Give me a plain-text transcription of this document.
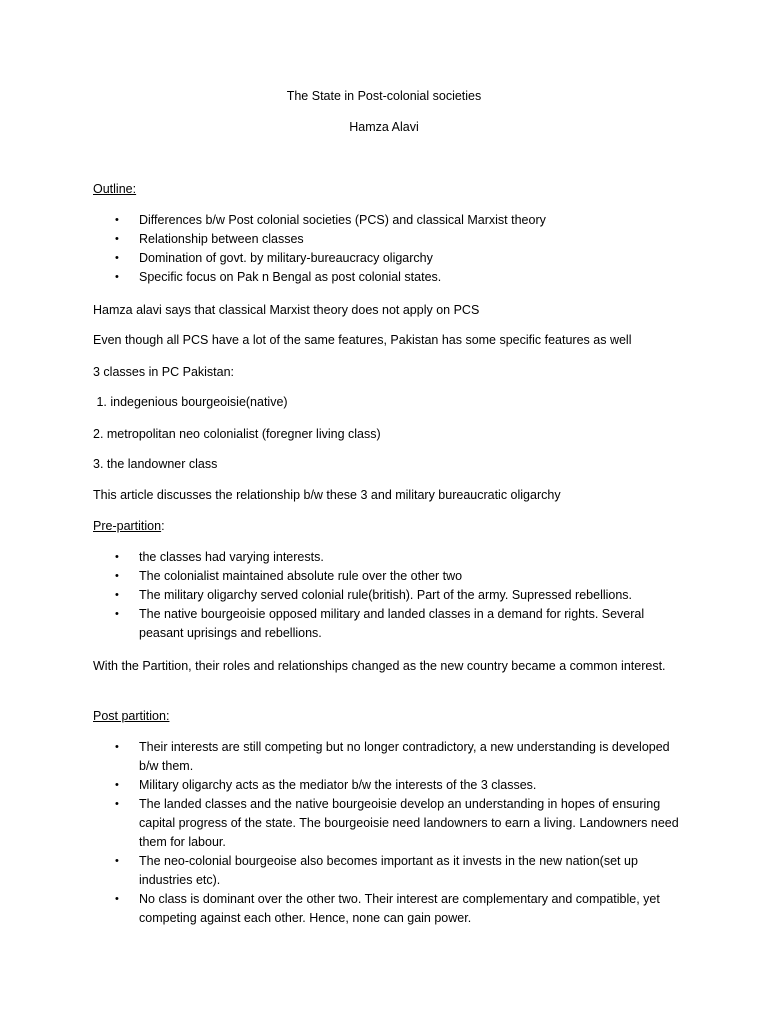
The State in Post-colonial societies
Hamza Alavi
Outline:
• Differences b/w Post colonial societies (PCS) and classical Marxist theory
• Relationship between classes
• Domination of govt. by military-bureaucracy oligarchy
• Specific focus on Pak n Bengal as post colonial states.

Hamza alavi says that classical Marxist theory does not apply on PCS

Even though all PCS have a lot of the same features, Pakistan has some specific features as well

3 classes in PC Pakistan:

1. indegenious bourgeoisie(native)

2. metropolitan neo colonialist (foregner living class)

3. the landowner class

This article discusses the relationship b/w these 3 and military bureaucratic oligarchy

Pre-partition:
• the classes had varying interests.
• The colonialist maintained absolute rule over the other two
• The military oligarchy served colonial rule(british). Part of the army. Supressed rebellions.
• The native bourgeoisie opposed military and landed classes in a demand for rights. Several peasant uprisings and rebellions.

With the Partition, their roles and relationships changed as the new country became a common interest.

Post partition:
• Their interests are still competing but no longer contradictory, a new understanding is developed b/w them.
• Military oligarchy acts as the mediator b/w the interests of the 3 classes.
• The landed classes and the native bourgeoisie develop an understanding in hopes of ensuring capital progress of the state. The bourgeoisie need landowners to earn a living. Landowners need them for labour.
• The neo-colonial bourgeoise also becomes important as it invests in the new nation(set up industries etc).
• No class is dominant over the other two. Their interest are complementary and compatible, yet competing against each other. Hence, none can gain power.
